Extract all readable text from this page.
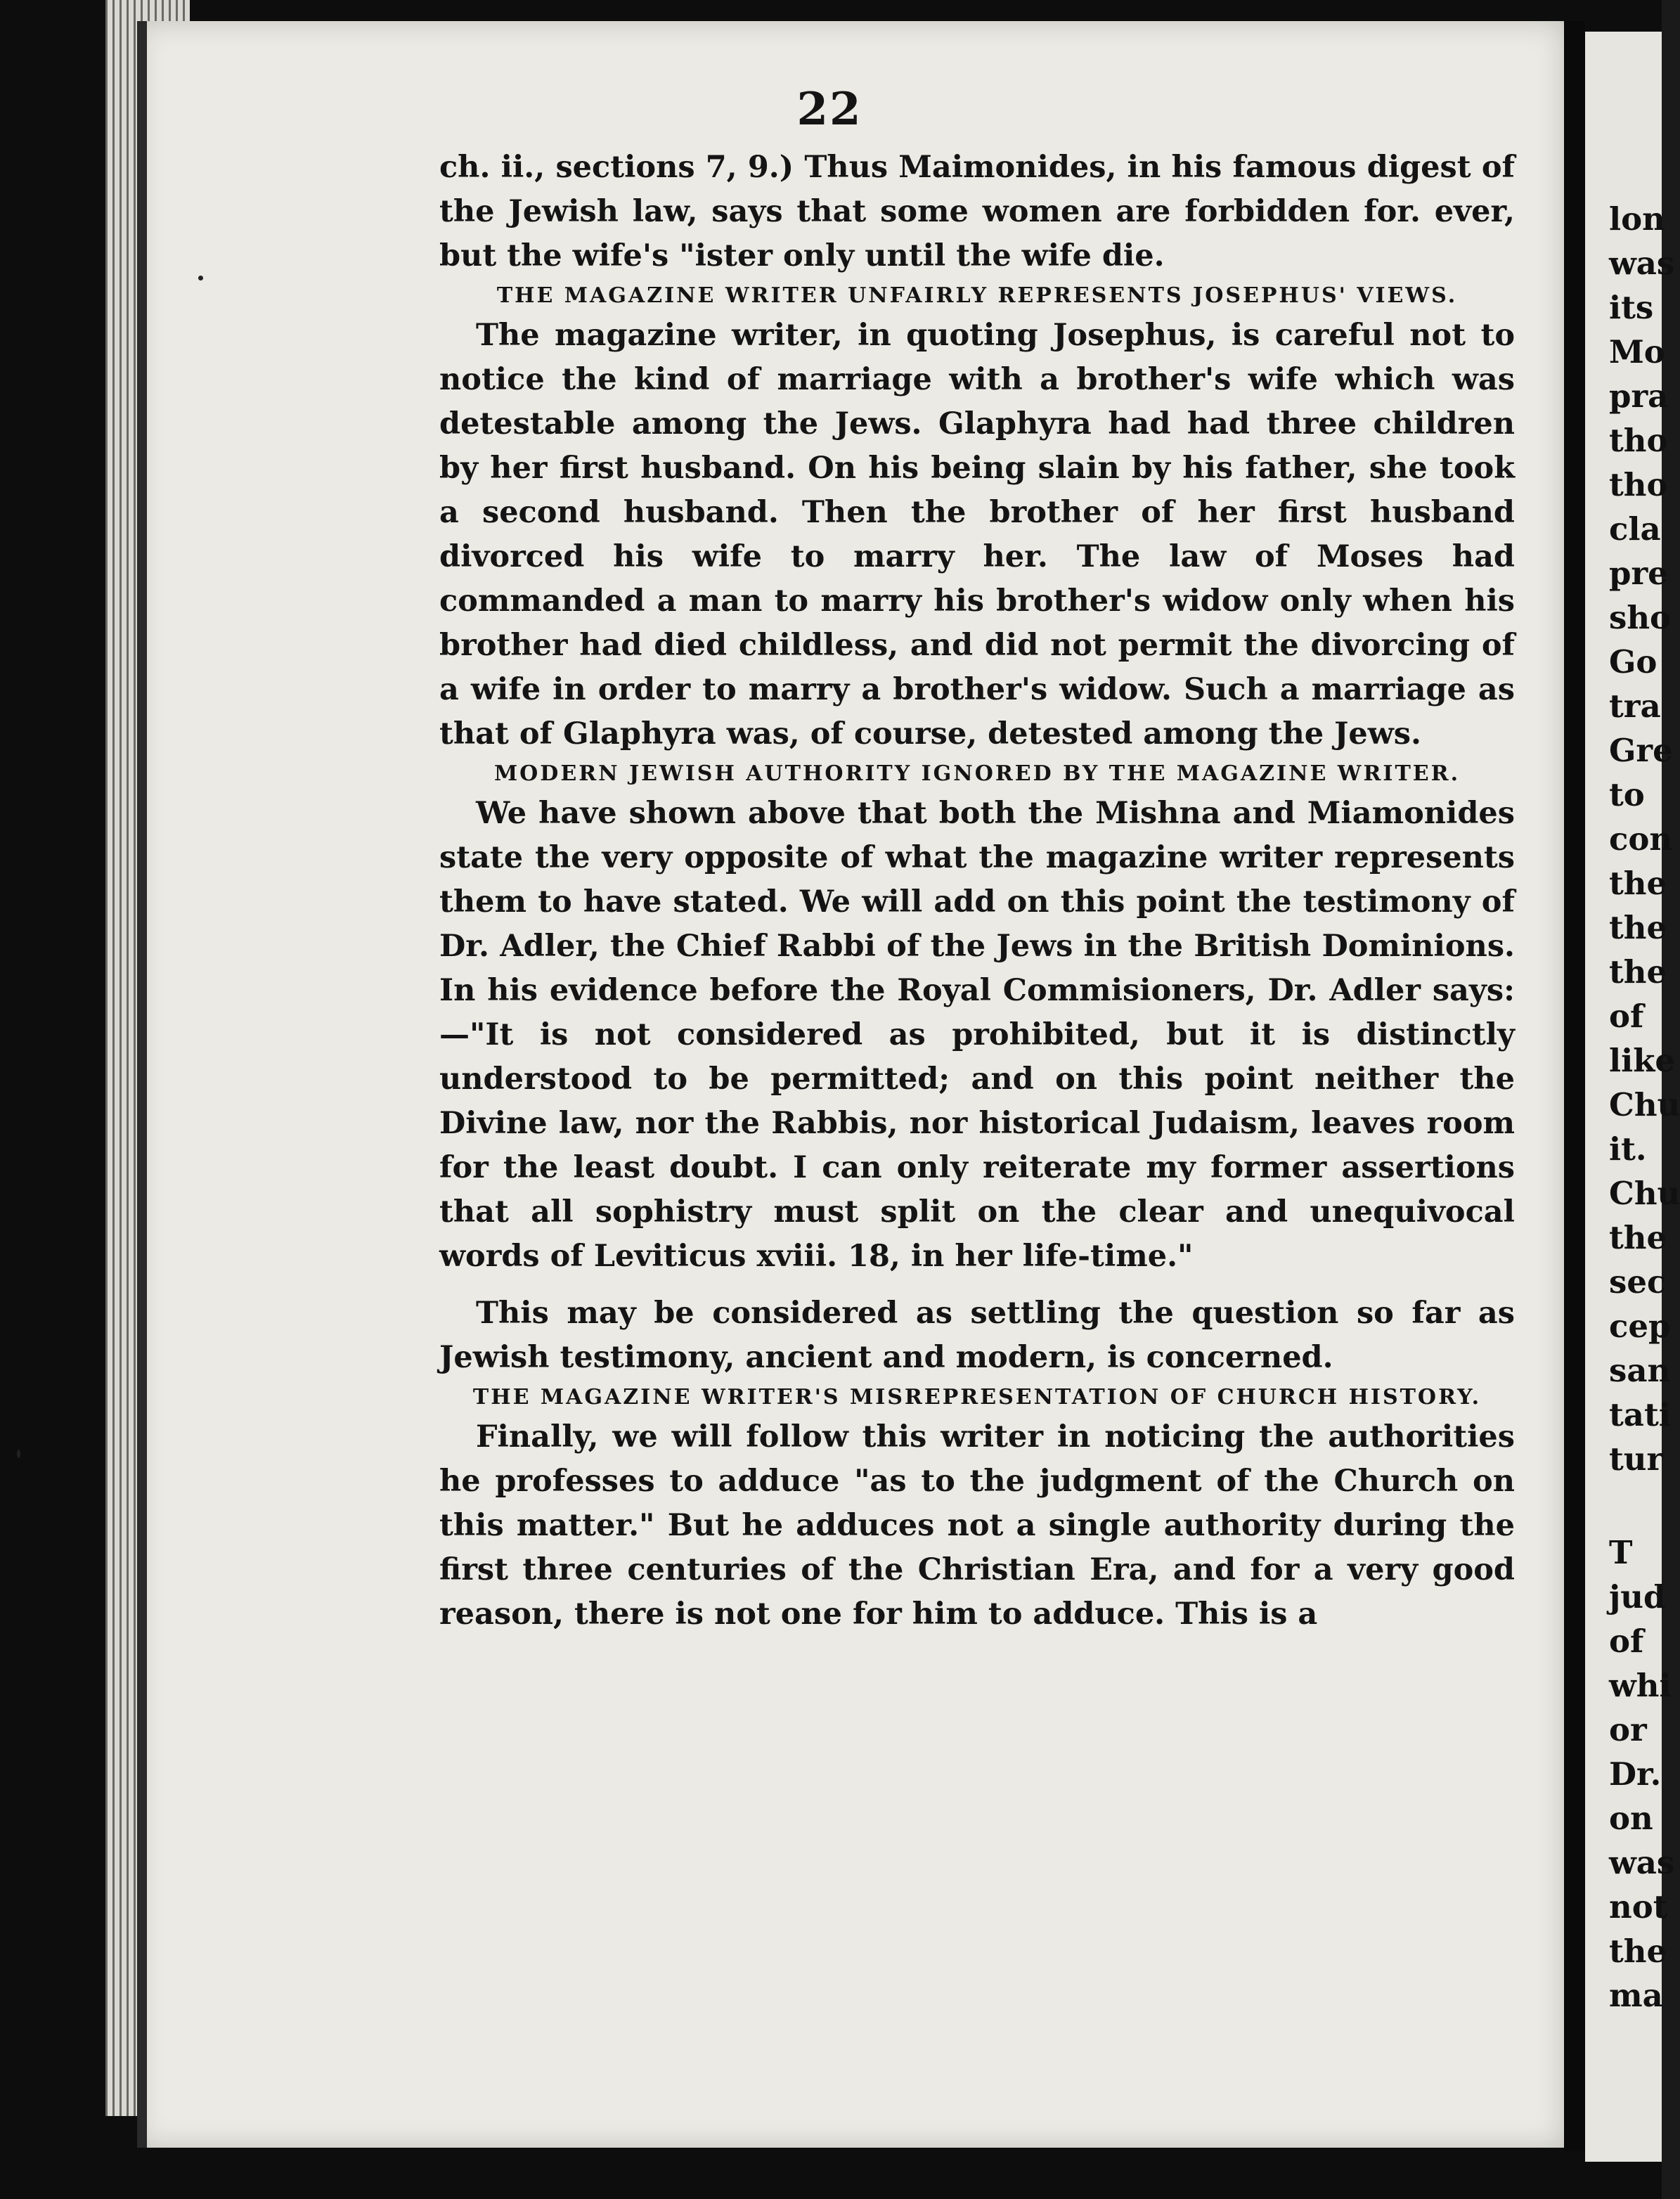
lon
was
its
Mo
pra
tho
tho
cla
pre
sho
Go
tra
Gre
to
con
the
the
the
of
like
Chu
it.
Chu
the
sec
cep
san
tati
tur
T
jud
of
whi
or
Dr.
on
was
not
the
ma
22

ch. ii., sections 7, 9.) Thus Maimonides, in his famous digest of the Jewish law, says that some women are forbidden for. ever, but the wife's "ister only until the wife die.

THE MAGAZINE WRITER UNFAIRLY REPRESENTS JOSEPHUS' VIEWS.

The magazine writer, in quoting Josephus, is careful not to notice the kind of marriage with a brother's wife which was detestable among the Jews. Glaphyra had had three children by her first husband. On his being slain by his father, she took a second husband. Then the brother of her first husband divorced his wife to marry her. The law of Moses had commanded a man to marry his brother's widow only when his brother had died childless, and did not permit the divorcing of a wife in order to marry a brother's widow. Such a marriage as that of Glaphyra was, of course, detested among the Jews.

MODERN JEWISH AUTHORITY IGNORED BY THE MAGAZINE WRITER.

We have shown above that both the Mishna and Miamonides state the very opposite of what the magazine writer represents them to have stated. We will add on this point the testimony of Dr. Adler, the Chief Rabbi of the Jews in the British Dominions. In his evidence before the Royal Commisioners, Dr. Adler says:—"It is not considered as prohibited, but it is distinctly understood to be permitted; and on this point neither the Divine law, nor the Rabbis, nor historical Judaism, leaves room for the least doubt. I can only reiterate my former assertions that all sophistry must split on the clear and unequivocal words of Leviticus xviii. 18, in her life-time."

This may be considered as settling the question so far as Jewish testimony, ancient and modern, is concerned.

THE MAGAZINE WRITER'S MISREPRESENTATION OF CHURCH HISTORY.

Finally, we will follow this writer in noticing the authorities he professes to adduce "as to the judgment of the Church on this matter." But he adduces not a single authority during the first three centuries of the Christian Era, and for a very good reason, there is not one for him to adduce. This is a
